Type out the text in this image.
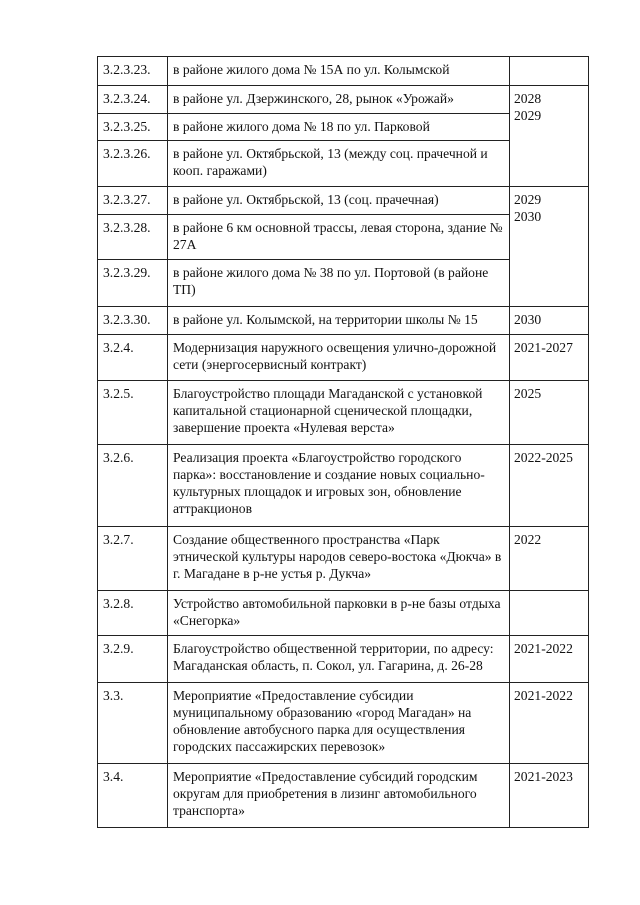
3.2.3.23.	в районе жилого дома № 15А по ул. Колымской	
3.2.3.24.	в районе ул. Дзержинского, 28, рынок «Урожай»	2028
2029

3.2.3.25.	в районе жилого дома № 18 по ул. Парковой	
3.2.3.26.	в районе ул. Октябрьской, 13 (между соц. прачечной и кооп. гаражами)	
3.2.3.27.	в районе ул. Октябрьской, 13 (соц. прачечная)	2029
2030

3.2.3.28.	в районе 6 км основной трассы, левая сторона, здание № 27А	
3.2.3.29.	в районе жилого дома № 38 по ул. Портовой (в районе ТП)	
3.2.3.30.	в районе ул. Колымской, на территории школы № 15	2030
3.2.4.	Модернизация наружного освещения улично-дорожной сети (энергосервисный контракт)	2021-2027
3.2.5.	Благоустройство площади Магаданской с установкой капитальной стационарной сценической площадки, завершение проекта «Нулевая верста»	2025
3.2.6.	Реализация проекта «Благоустройство городского парка»: восстановление и создание новых социально-культурных площадок и игровых зон, обновление аттракционов	2022-2025
3.2.7.	Создание общественного пространства «Парк этнической культуры народов северо-востока «Дюкча» в г. Магадане в р-не устья р. Дукча»	2022
3.2.8.	Устройство автомобильной парковки в р-не базы отдыха «Снегорка»	
3.2.9.	Благоустройство общественной территории, по адресу: Магаданская область, п. Сокол, ул. Гагарина, д. 26-28	2021-2022
3.3.	Мероприятие «Предоставление субсидии муниципальному образованию «город Магадан» на обновление автобусного парка для осуществления городских пассажирских перевозок»	2021-2022
3.4.	Мероприятие «Предоставление субсидий городским округам для приобретения в лизинг автомобильного транспорта»	2021-2023
